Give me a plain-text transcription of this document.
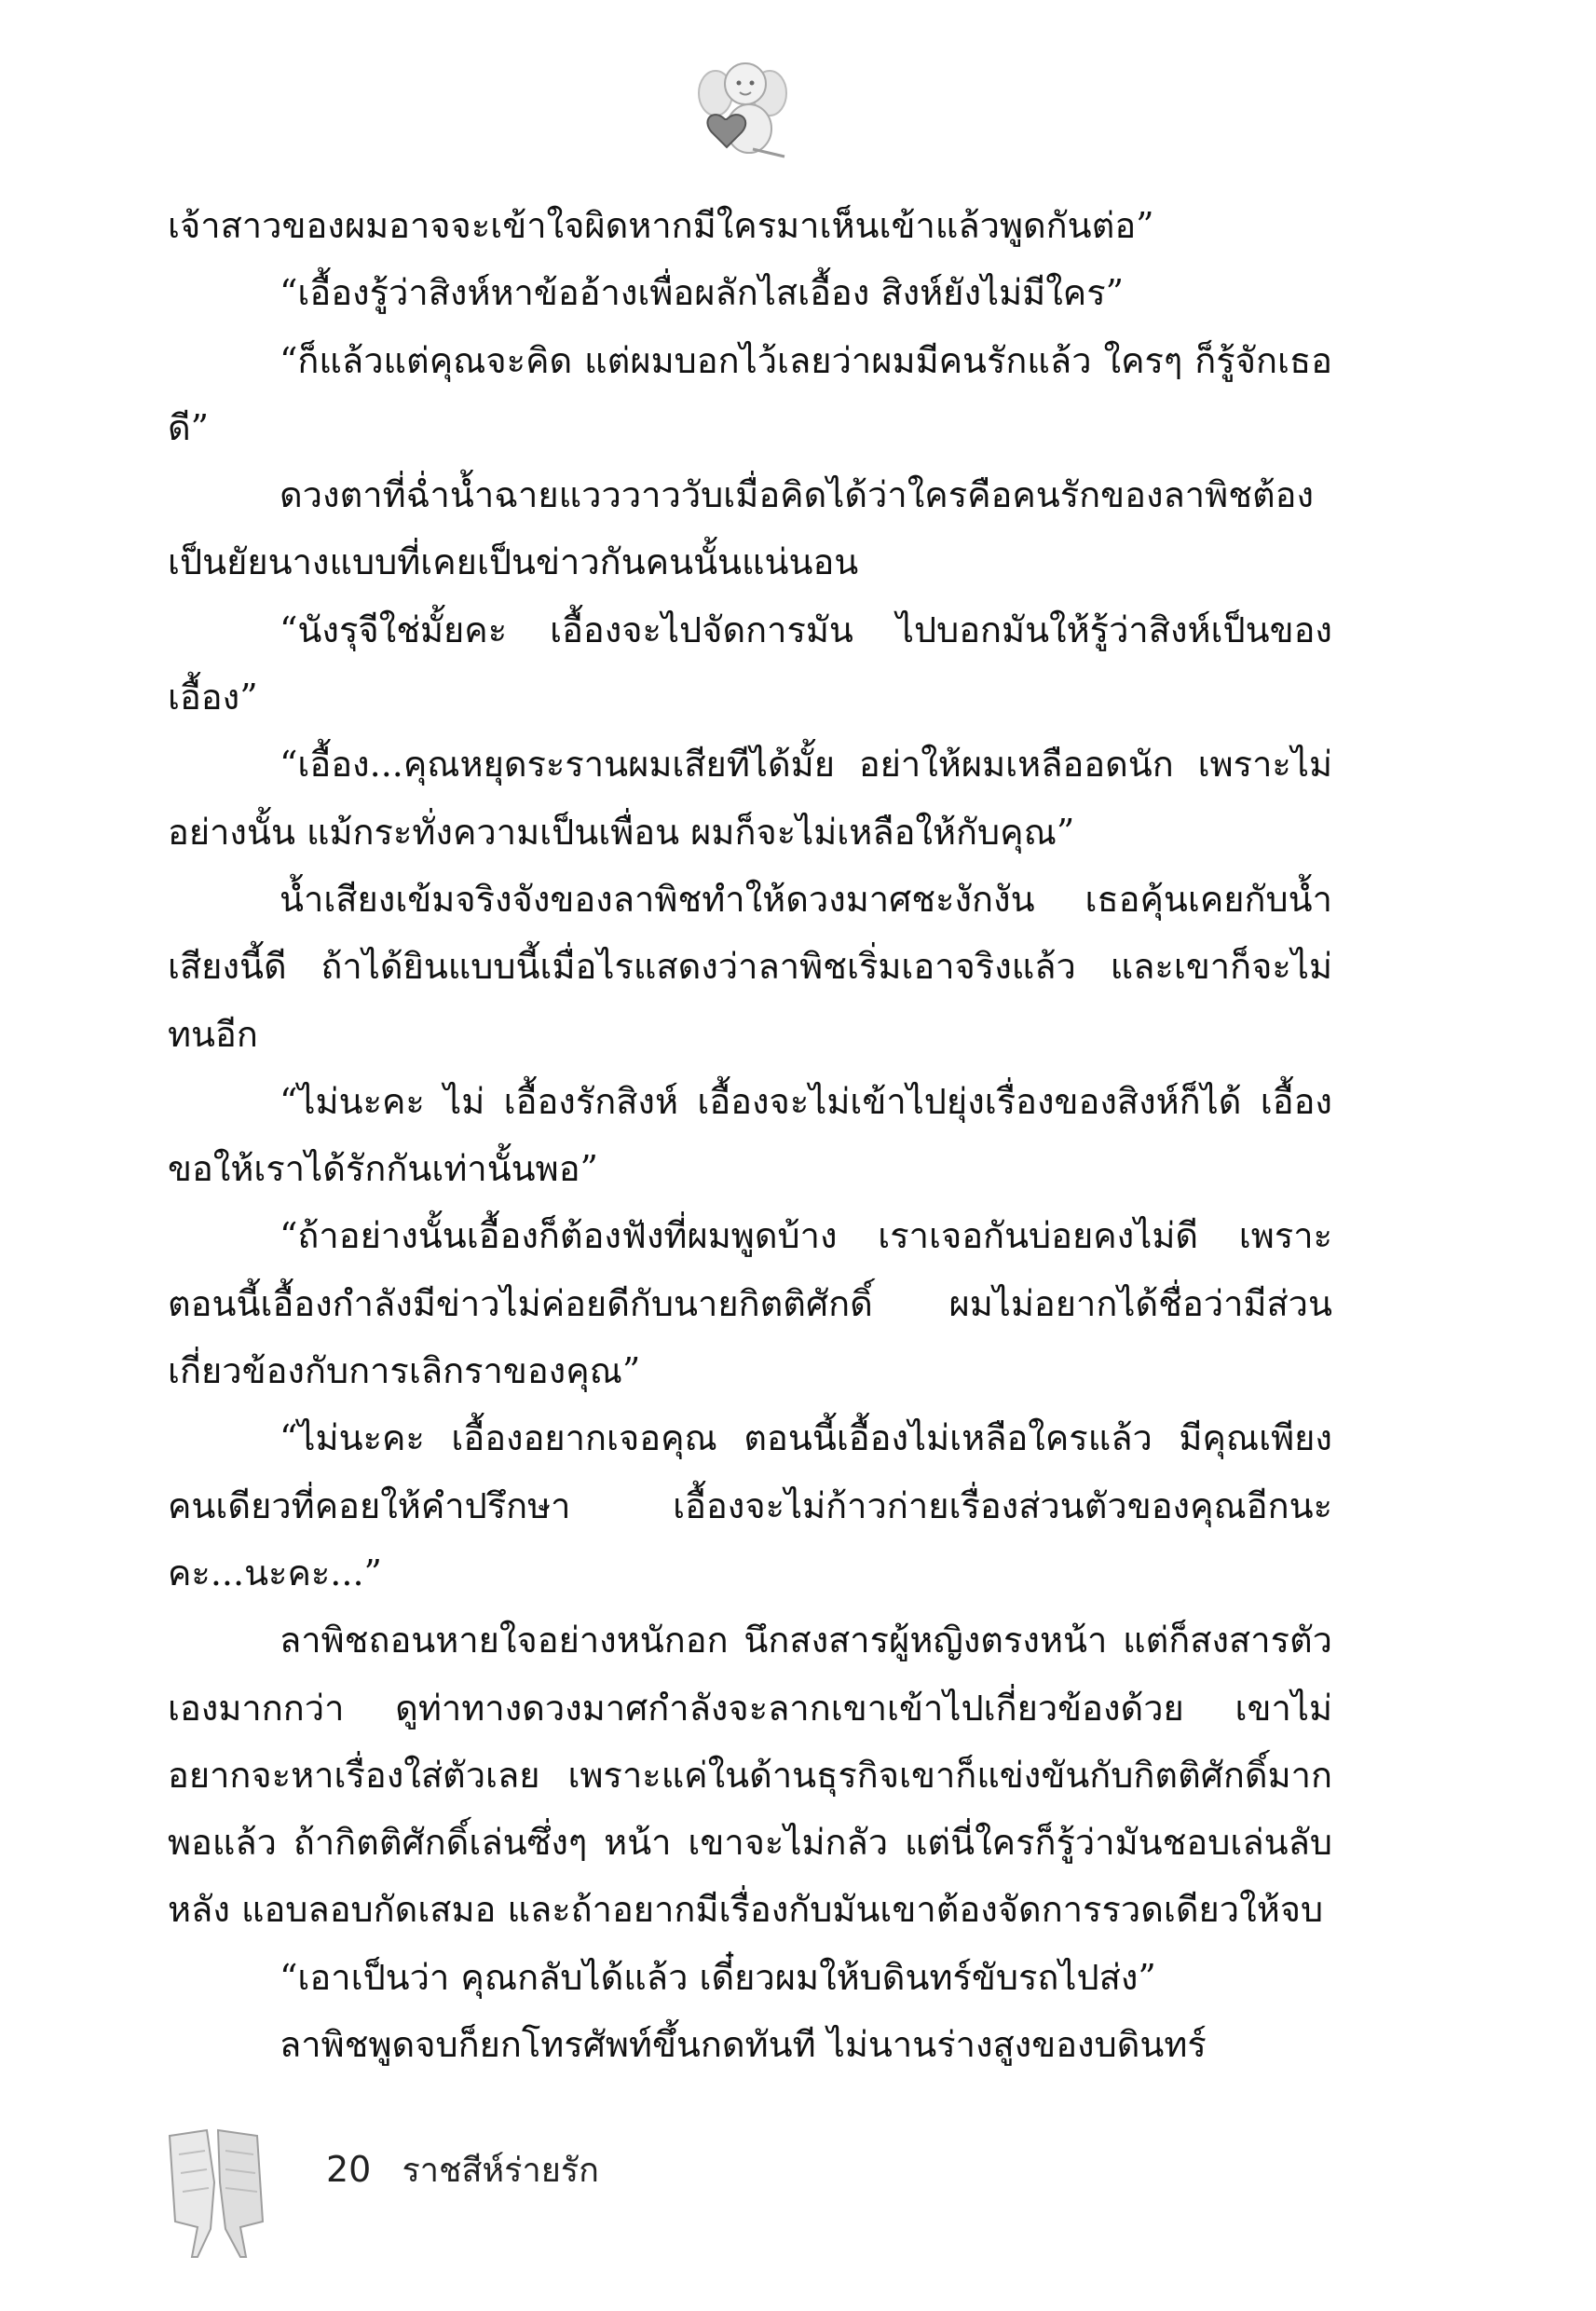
เจ้าสาวของผมอาจจะเข้าใจผิดหากมีใครมาเห็นเข้าแล้วพูดกันต่อ”

“เอื้องรู้ว่าสิงห์หาข้ออ้างเพื่อผลักไสเอื้อง สิงห์ยังไม่มีใคร”

“ก็แล้วแต่คุณจะคิด แต่ผมบอกไว้เลยว่าผมมีคนรักแล้ว ใครๆ ก็รู้จักเธอดี”

ดวงตาที่ฉ่ำน้ำฉายแวววาววับเมื่อคิดได้ว่าใครคือคนรักของลาพิชต้องเป็นยัยนางแบบที่เคยเป็นข่าวกันคนนั้นแน่นอน

“นังรุจีใช่มั้ยคะ เอื้องจะไปจัดการมัน ไปบอกมันให้รู้ว่าสิงห์เป็นของเอื้อง”

“เอื้อง...คุณหยุดระรานผมเสียทีได้มั้ย อย่าให้ผมเหลืออดนัก เพราะไม่อย่างนั้น แม้กระทั่งความเป็นเพื่อน ผมก็จะไม่เหลือให้กับคุณ”

น้ำเสียงเข้มจริงจังของลาพิชทำให้ดวงมาศชะงักงัน เธอคุ้นเคยกับน้ำเสียงนี้ดี ถ้าได้ยินแบบนี้เมื่อไรแสดงว่าลาพิชเริ่มเอาจริงแล้ว และเขาก็จะไม่ทนอีก

“ไม่นะคะ ไม่ เอื้องรักสิงห์ เอื้องจะไม่เข้าไปยุ่งเรื่องของสิงห์ก็ได้ เอื้องขอให้เราได้รักกันเท่านั้นพอ”

“ถ้าอย่างนั้นเอื้องก็ต้องฟังที่ผมพูดบ้าง เราเจอกันบ่อยคงไม่ดี เพราะตอนนี้เอื้องกำลังมีข่าวไม่ค่อยดีกับนายกิตติศักดิ์ ผมไม่อยากได้ชื่อว่ามีส่วนเกี่ยวข้องกับการเลิกราของคุณ”

“ไม่นะคะ เอื้องอยากเจอคุณ ตอนนี้เอื้องไม่เหลือใครแล้ว มีคุณเพียงคนเดียวที่คอยให้คำปรึกษา เอื้องจะไม่ก้าวก่ายเรื่องส่วนตัวของคุณอีกนะคะ...นะคะ...”

ลาพิชถอนหายใจอย่างหนักอก นึกสงสารผู้หญิงตรงหน้า แต่ก็สงสารตัวเองมากกว่า ดูท่าทางดวงมาศกำลังจะลากเขาเข้าไปเกี่ยวข้องด้วย เขาไม่อยากจะหาเรื่องใส่ตัวเลย เพราะแค่ในด้านธุรกิจเขาก็แข่งขันกับกิตติศักดิ์มากพอแล้ว ถ้ากิตติศักดิ์เล่นซึ่งๆ หน้า เขาจะไม่กลัว แต่นี่ใครก็รู้ว่ามันชอบเล่นลับหลัง แอบลอบกัดเสมอ และถ้าอยากมีเรื่องกับมันเขาต้องจัดการรวดเดียวให้จบ

“เอาเป็นว่า คุณกลับได้แล้ว เดี๋ยวผมให้บดินทร์ขับรถไปส่ง”

ลาพิชพูดจบก็ยกโทรศัพท์ขึ้นกดทันที ไม่นานร่างสูงของบดินทร์

20 ราชสีห์ร่ายรัก
